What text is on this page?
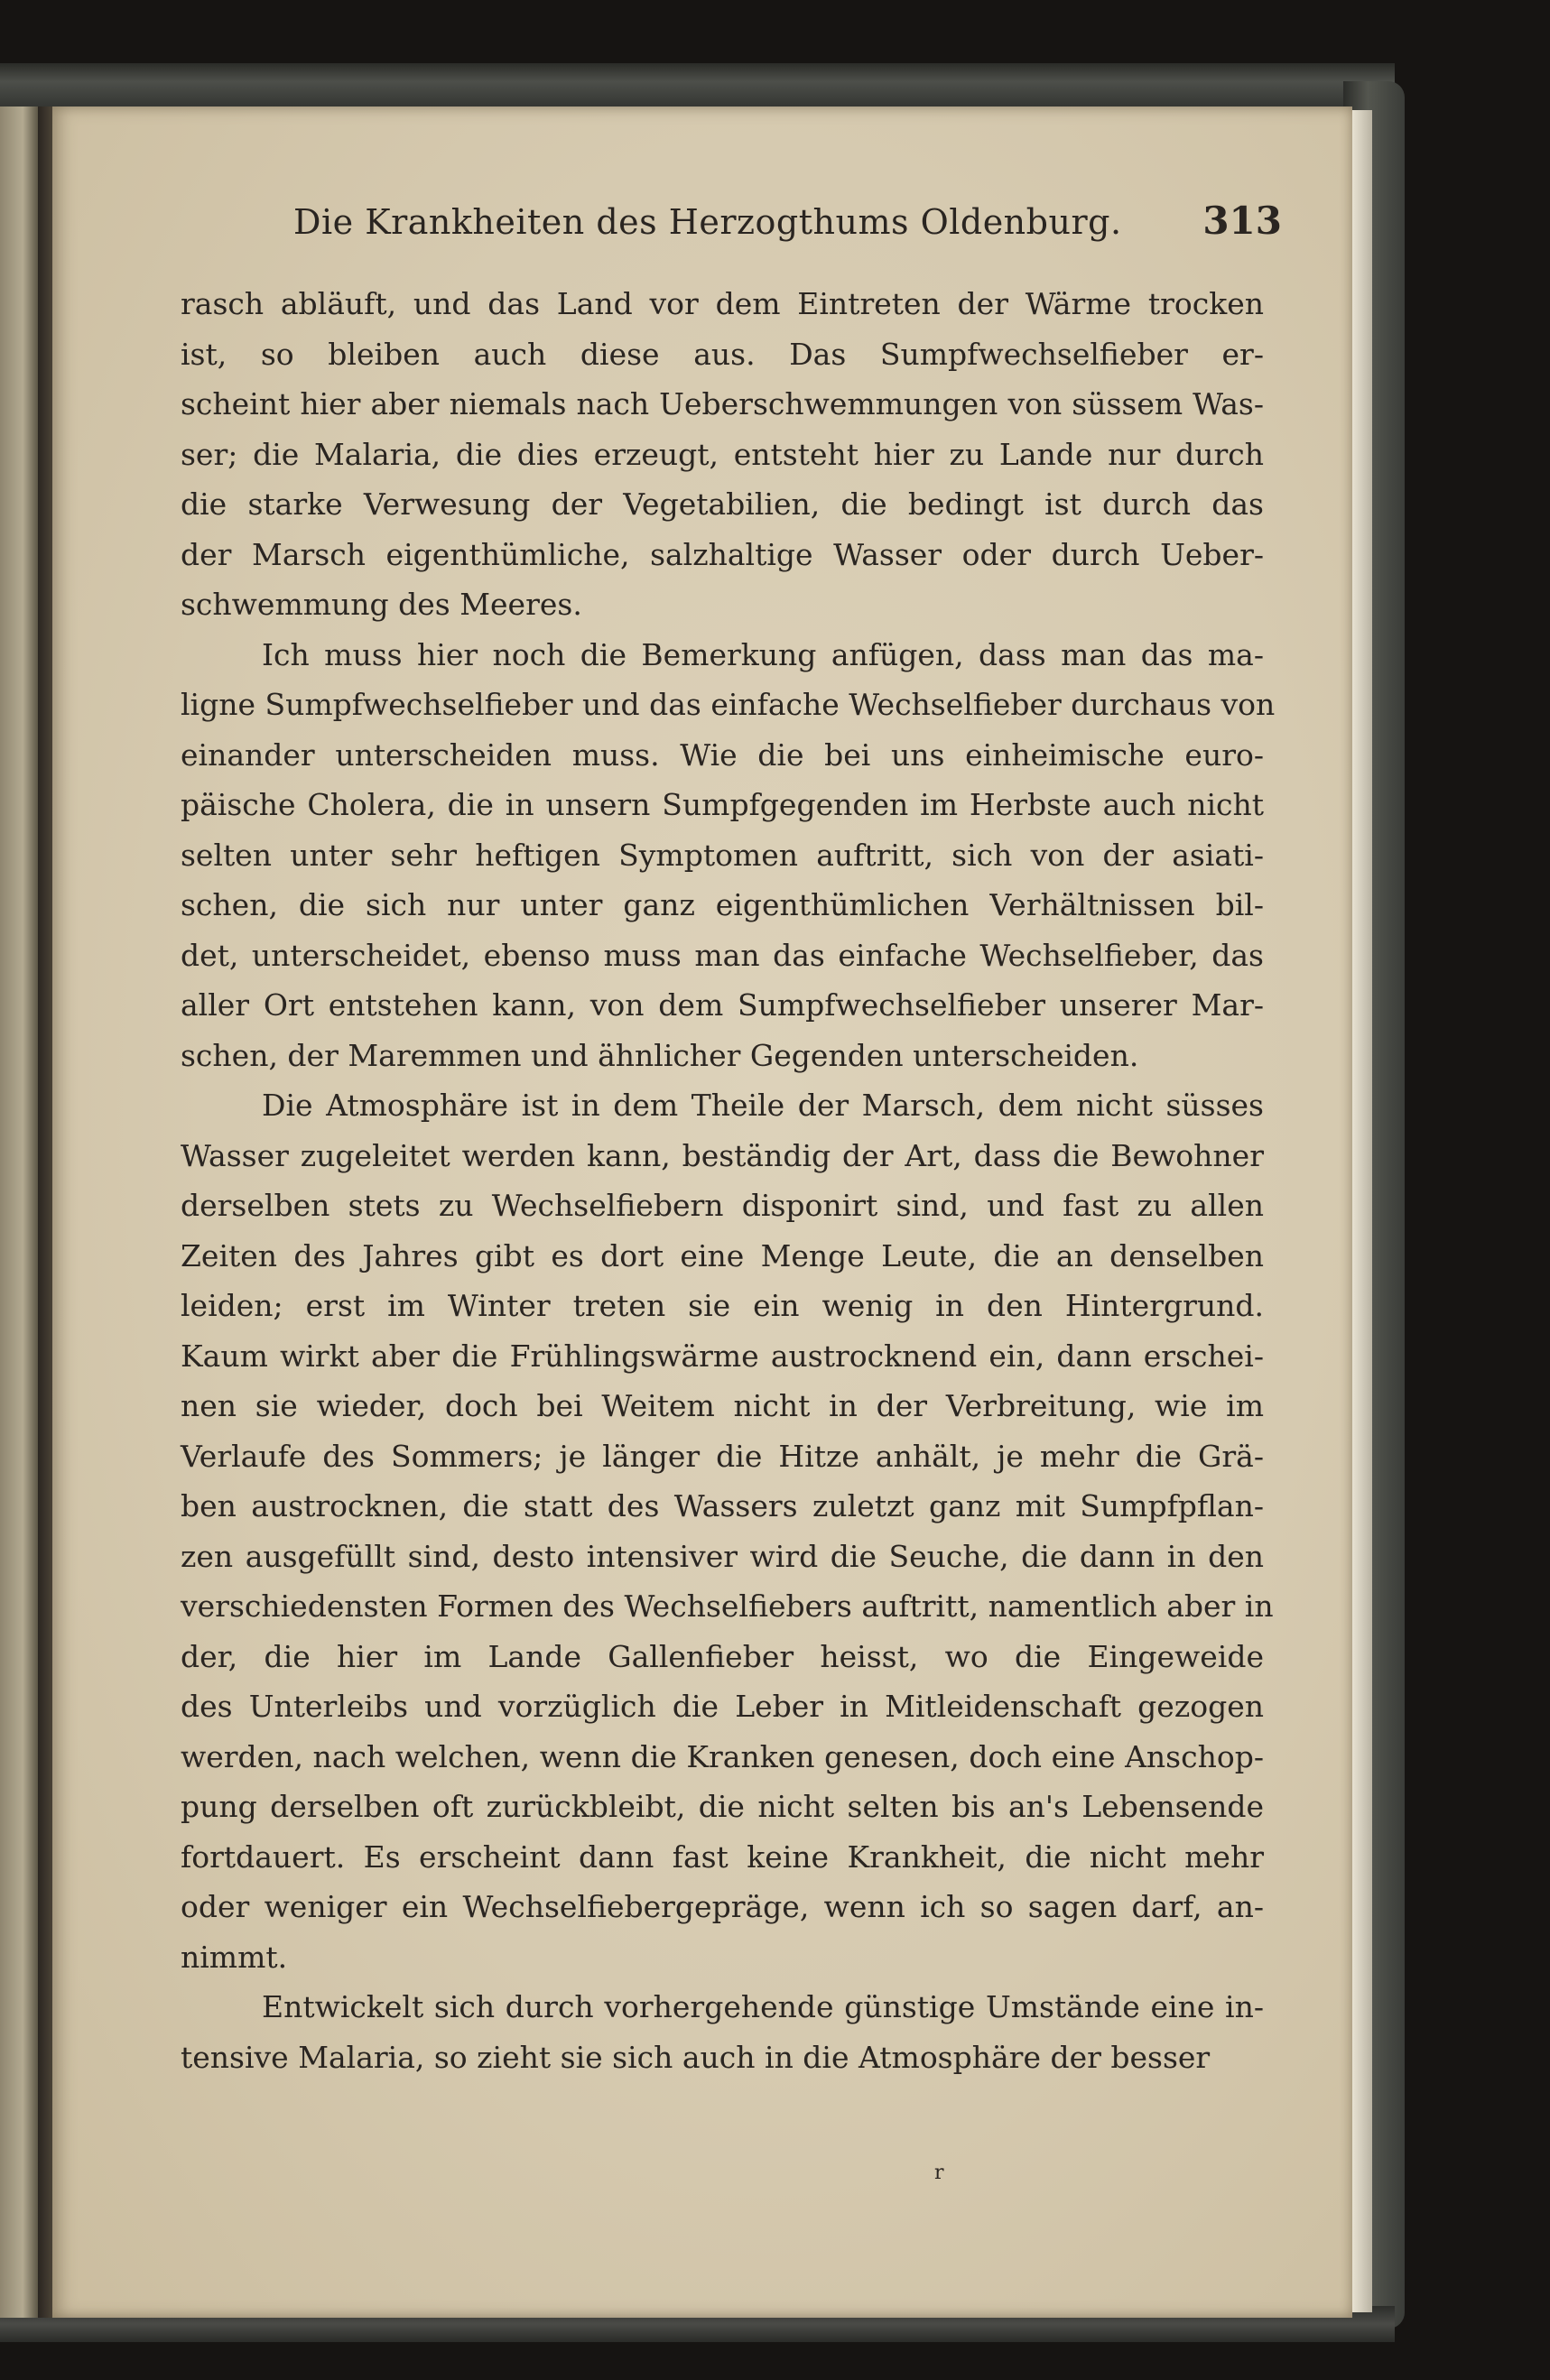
Die Krankheiten des Herzogthums Oldenburg. 313
rasch abläuft, und das Land vor dem Eintreten der Wärme trocken
ist, so bleiben auch diese aus. Das Sumpfwechselfieber er-
scheint hier aber niemals nach Ueberschwemmungen von süssem Was-
ser; die Malaria, die dies erzeugt, entsteht hier zu Lande nur durch
die starke Verwesung der Vegetabilien, die bedingt ist durch das
der Marsch eigenthümliche, salzhaltige Wasser oder durch Ueber-
schwemmung des Meeres.
Ich muss hier noch die Bemerkung anfügen, dass man das ma-
ligne Sumpfwechselfieber und das einfache Wechselfieber durchaus von
einander unterscheiden muss. Wie die bei uns einheimische euro-
päische Cholera, die in unsern Sumpfgegenden im Herbste auch nicht
selten unter sehr heftigen Symptomen auftritt, sich von der asiati-
schen, die sich nur unter ganz eigenthümlichen Verhältnissen bil-
det, unterscheidet, ebenso muss man das einfache Wechselfieber, das
aller Ort entstehen kann, von dem Sumpfwechselfieber unserer Mar-
schen, der Maremmen und ähnlicher Gegenden unterscheiden.
Die Atmosphäre ist in dem Theile der Marsch, dem nicht süsses
Wasser zugeleitet werden kann, beständig der Art, dass die Bewohner
derselben stets zu Wechselfiebern disponirt sind, und fast zu allen
Zeiten des Jahres gibt es dort eine Menge Leute, die an denselben
leiden; erst im Winter treten sie ein wenig in den Hintergrund.
Kaum wirkt aber die Frühlingswärme austrocknend ein, dann erschei-
nen sie wieder, doch bei Weitem nicht in der Verbreitung, wie im
Verlaufe des Sommers; je länger die Hitze anhält, je mehr die Grä-
ben austrocknen, die statt des Wassers zuletzt ganz mit Sumpfpflan-
zen ausgefüllt sind, desto intensiver wird die Seuche, die dann in den
verschiedensten Formen des Wechselfiebers auftritt, namentlich aber in
der, die hier im Lande Gallenfieber heisst, wo die Eingeweide
des Unterleibs und vorzüglich die Leber in Mitleidenschaft gezogen
werden, nach welchen, wenn die Kranken genesen, doch eine Anschop-
pung derselben oft zurückbleibt, die nicht selten bis an's Lebensende
fortdauert. Es erscheint dann fast keine Krankheit, die nicht mehr
oder weniger ein Wechselfiebergepräge, wenn ich so sagen darf, an-
nimmt.
Entwickelt sich durch vorhergehende günstige Umstände eine in-
tensive Malaria, so zieht sie sich auch in die Atmosphäre der besser
r
